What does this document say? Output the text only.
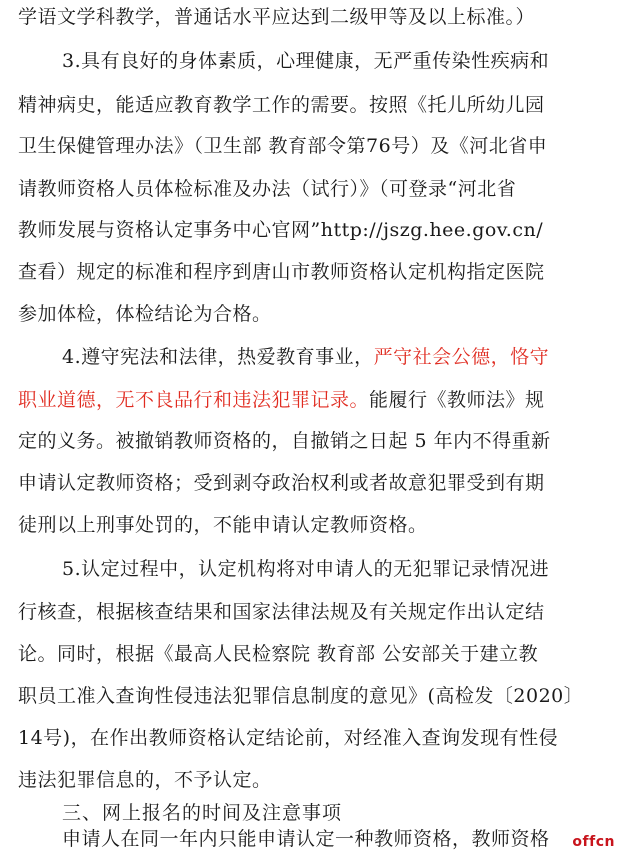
学语文学科教学，普通话水平应达到二级甲等及以上标准。）
3.具有良好的身体素质，心理健康，无严重传染性疾病和
精神病史，能适应教育教学工作的需要。按照《托儿所幼儿园
卫生保健管理办法》（卫生部 教育部令第76号）及《河北省申
请教师资格人员体检标准及办法（试行）》（可登录“河北省
教师发展与资格认定事务中心官网”http://jszg.hee.gov.cn/
查看）规定的标准和程序到唐山市教师资格认定机构指定医院
参加体检，体检结论为合格。
4.遵守宪法和法律，热爱教育事业，严守社会公德，恪守
职业道德，无不良品行和违法犯罪记录。能履行《教师法》规
定的义务。被撤销教师资格的，自撤销之日起 5 年内不得重新
申请认定教师资格；受到剥夺政治权利或者故意犯罪受到有期
徒刑以上刑事处罚的，不能申请认定教师资格。
5.认定过程中，认定机构将对申请人的无犯罪记录情况进
行核查，根据核查结果和国家法律法规及有关规定作出认定结
论。同时，根据《最高人民检察院 教育部 公安部关于建立教
职员工准入查询性侵违法犯罪信息制度的意见》(高检发〔2020〕
14号)，在作出教师资格认定结论前，对经准入查询发现有性侵
违法犯罪信息的，不予认定。
三、网上报名的时间及注意事项
申请人在同一年内只能申请认定一种教师资格，教师资格 offcn
